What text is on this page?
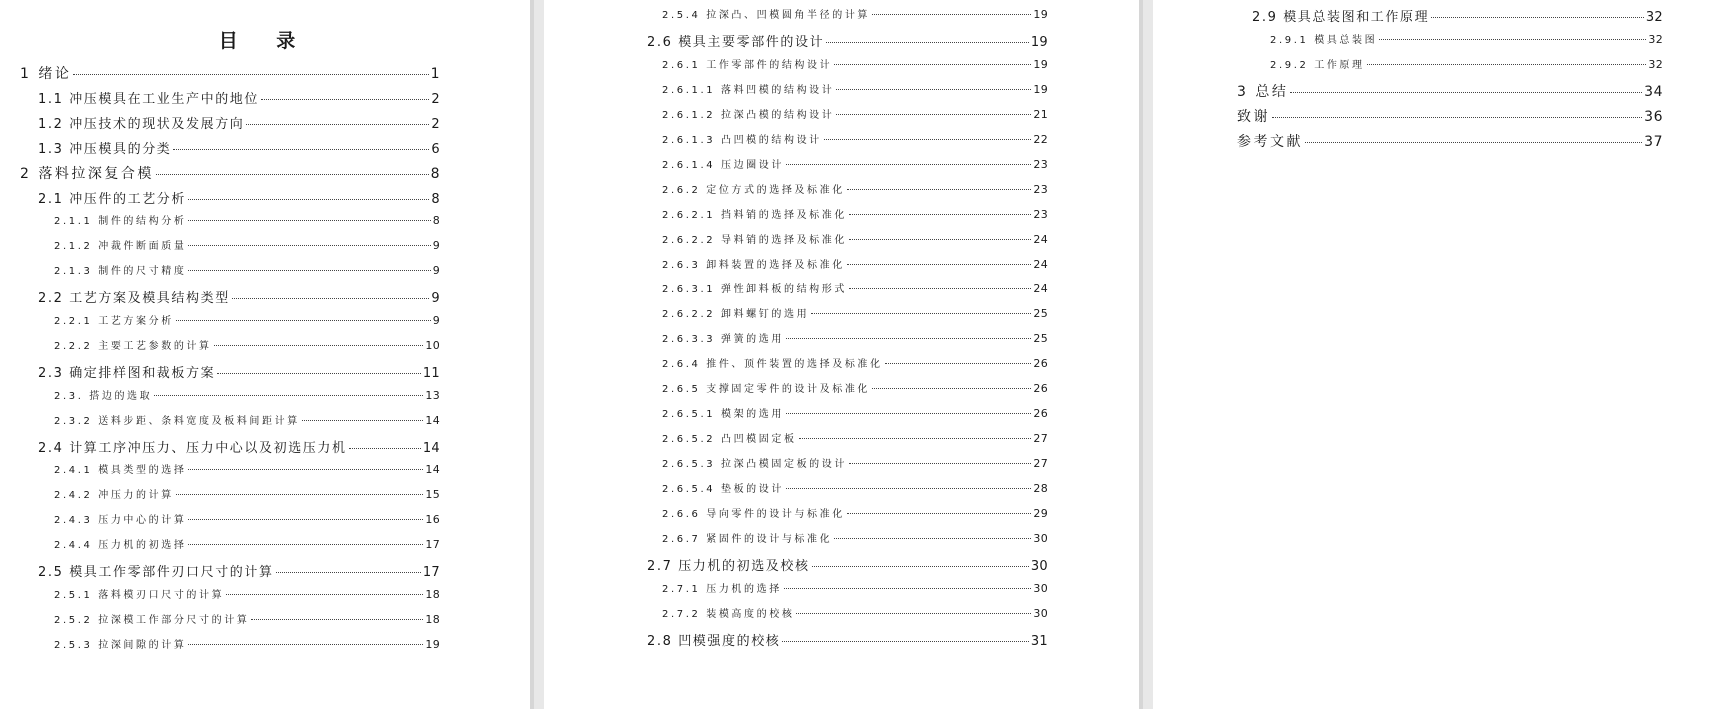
目 录
1 绪论	1
1.1 冲压模具在工业生产中的地位	2
1.2 冲压技术的现状及发展方向	2
1.3 冲压模具的分类	6
2 落料拉深复合模	8
2.1 冲压件的工艺分析	8
2.1.1 制件的结构分析	8
2.1.2 冲裁件断面质量	9
2.1.3 制件的尺寸精度	9
2.2 工艺方案及模具结构类型	9
2.2.1 工艺方案分析	9
2.2.2 主要工艺参数的计算	10
2.3 确定排样图和裁板方案	11
2.3. 搭边的选取	13
2.3.2 送料步距、条料宽度及板料间距计算	14
2.4 计算工序冲压力、压力中心以及初选压力机	14
2.4.1 模具类型的选择	14
2.4.2 冲压力的计算	15
2.4.3 压力中心的计算	16
2.4.4 压力机的初选择	17
2.5 模具工作零部件刃口尺寸的计算	17
2.5.1 落料模刃口尺寸的计算	18
2.5.2 拉深模工作部分尺寸的计算	18
2.5.3 拉深间隙的计算	19
2.5.4 拉深凸、凹模圆角半径的计算	19
2.6 模具主要零部件的设计	19
2.6.1 工作零部件的结构设计	19
2.6.1.1 落料凹模的结构设计	19
2.6.1.2 拉深凸模的结构设计	21
2.6.1.3 凸凹模的结构设计	22
2.6.1.4 压边圈设计	23
2.6.2 定位方式的选择及标准化	23
2.6.2.1 挡料销的选择及标准化	23
2.6.2.2 导料销的选择及标准化	24
2.6.3 卸料装置的选择及标准化	24
2.6.3.1 弹性卸料板的结构形式	24
2.6.2.2 卸料螺钉的选用	25
2.6.3.3 弹簧的选用	25
2.6.4 推件、顶件装置的选择及标准化	26
2.6.5 支撑固定零件的设计及标准化	26
2.6.5.1 模架的选用	26
2.6.5.2 凸凹模固定板	27
2.6.5.3 拉深凸模固定板的设计	27
2.6.5.4 垫板的设计	28
2.6.6 导向零件的设计与标准化	29
2.6.7 紧固件的设计与标准化	30
2.7 压力机的初选及校核	30
2.7.1 压力机的选择	30
2.7.2 装模高度的校核	30
2.8 凹模强度的校核	31
2.9 模具总装图和工作原理	32
2.9.1 模具总装图	32
2.9.2 工作原理	32
3 总结	34
致谢	36
参考文献	37
